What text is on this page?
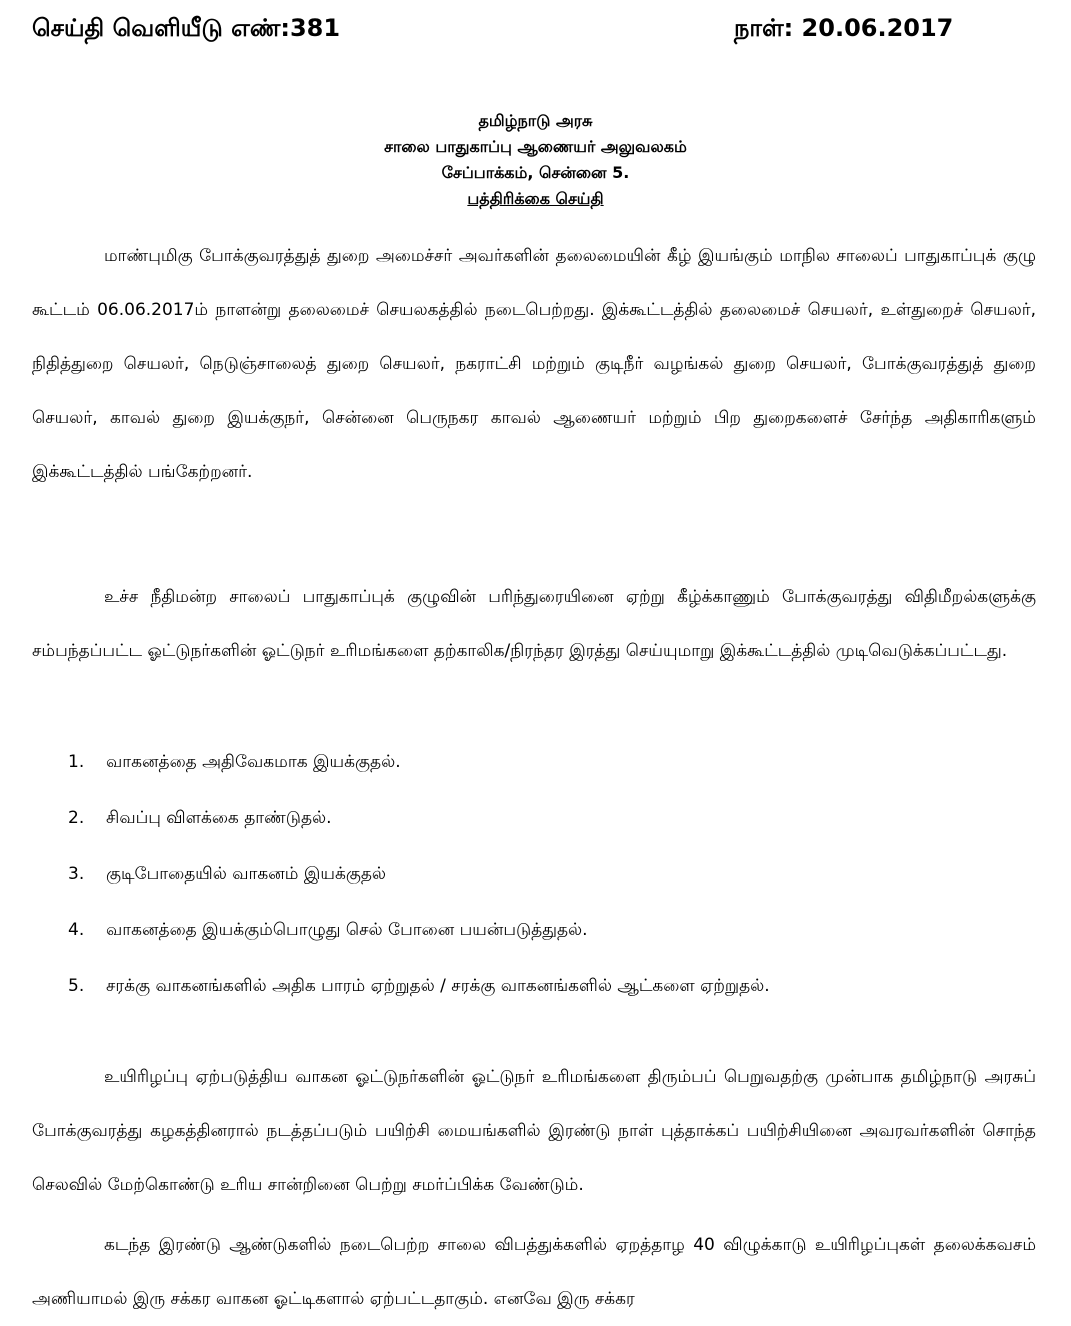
செய்தி வெளியீடு எண்:381	நாள்: 20.06.2017
தமிழ்நாடு அரசு
சாலை பாதுகாப்பு ஆணையர் அலுவலகம்
சேப்பாக்கம், சென்னை 5.
பத்திரிக்கை செய்தி

மாண்புமிகு போக்குவரத்துத் துறை அமைச்சர் அவர்களின் தலைமையின் கீழ் இயங்கும் மாநில சாலைப் பாதுகாப்புக் குழு கூட்டம் 06.06.2017ம் நாளன்று தலைமைச் செயலகத்தில் நடைபெற்றது. இக்கூட்டத்தில் தலைமைச் செயலர், உள்துறைச் செயலர், நிதித்துறை செயலர், நெடுஞ்சாலைத் துறை செயலர், நகராட்சி மற்றும் குடிநீர் வழங்கல் துறை செயலர், போக்குவரத்துத் துறை செயலர், காவல் துறை இயக்குநர், சென்னை பெருநகர காவல் ஆணையர் மற்றும் பிற துறைகளைச் சேர்ந்த அதிகாரிகளும் இக்கூட்டத்தில் பங்கேற்றனர்.

உச்ச நீதிமன்ற சாலைப் பாதுகாப்புக் குழுவின் பரிந்துரையினை ஏற்று கீழ்க்காணும் போக்குவரத்து விதிமீறல்களுக்கு சம்பந்தப்பட்ட ஓட்டுநர்களின் ஓட்டுநர் உரிமங்களை தற்காலிக/நிரந்தர இரத்து செய்யுமாறு இக்கூட்டத்தில் முடிவெடுக்கப்பட்டது.

1.	வாகனத்தை அதிவேகமாக இயக்குதல்.
2.	சிவப்பு விளக்கை தாண்டுதல்.
3.	குடிபோதையில் வாகனம் இயக்குதல்
4.	வாகனத்தை இயக்கும்பொழுது செல் போனை பயன்படுத்துதல்.
5.	சரக்கு வாகனங்களில் அதிக பாரம் ஏற்றுதல் / சரக்கு வாகனங்களில் ஆட்களை ஏற்றுதல்.

உயிரிழப்பு ஏற்படுத்திய வாகன ஓட்டுநர்களின் ஓட்டுநர் உரிமங்களை திரும்பப் பெறுவதற்கு முன்பாக தமிழ்நாடு அரசுப் போக்குவரத்து கழகத்தினரால் நடத்தப்படும் பயிற்சி மையங்களில் இரண்டு நாள் புத்தாக்கப் பயிற்சியினை அவரவர்களின் சொந்த செலவில் மேற்கொண்டு உரிய சான்றினை பெற்று சமர்ப்பிக்க வேண்டும்.

கடந்த இரண்டு ஆண்டுகளில் நடைபெற்ற சாலை விபத்துக்களில் ஏறத்தாழ 40 விழுக்காடு உயிரிழப்புகள் தலைக்கவசம் அணியாமல் இரு சக்கர வாகன ஓட்டிகளால் ஏற்பட்டதாகும். எனவே இரு சக்கர
